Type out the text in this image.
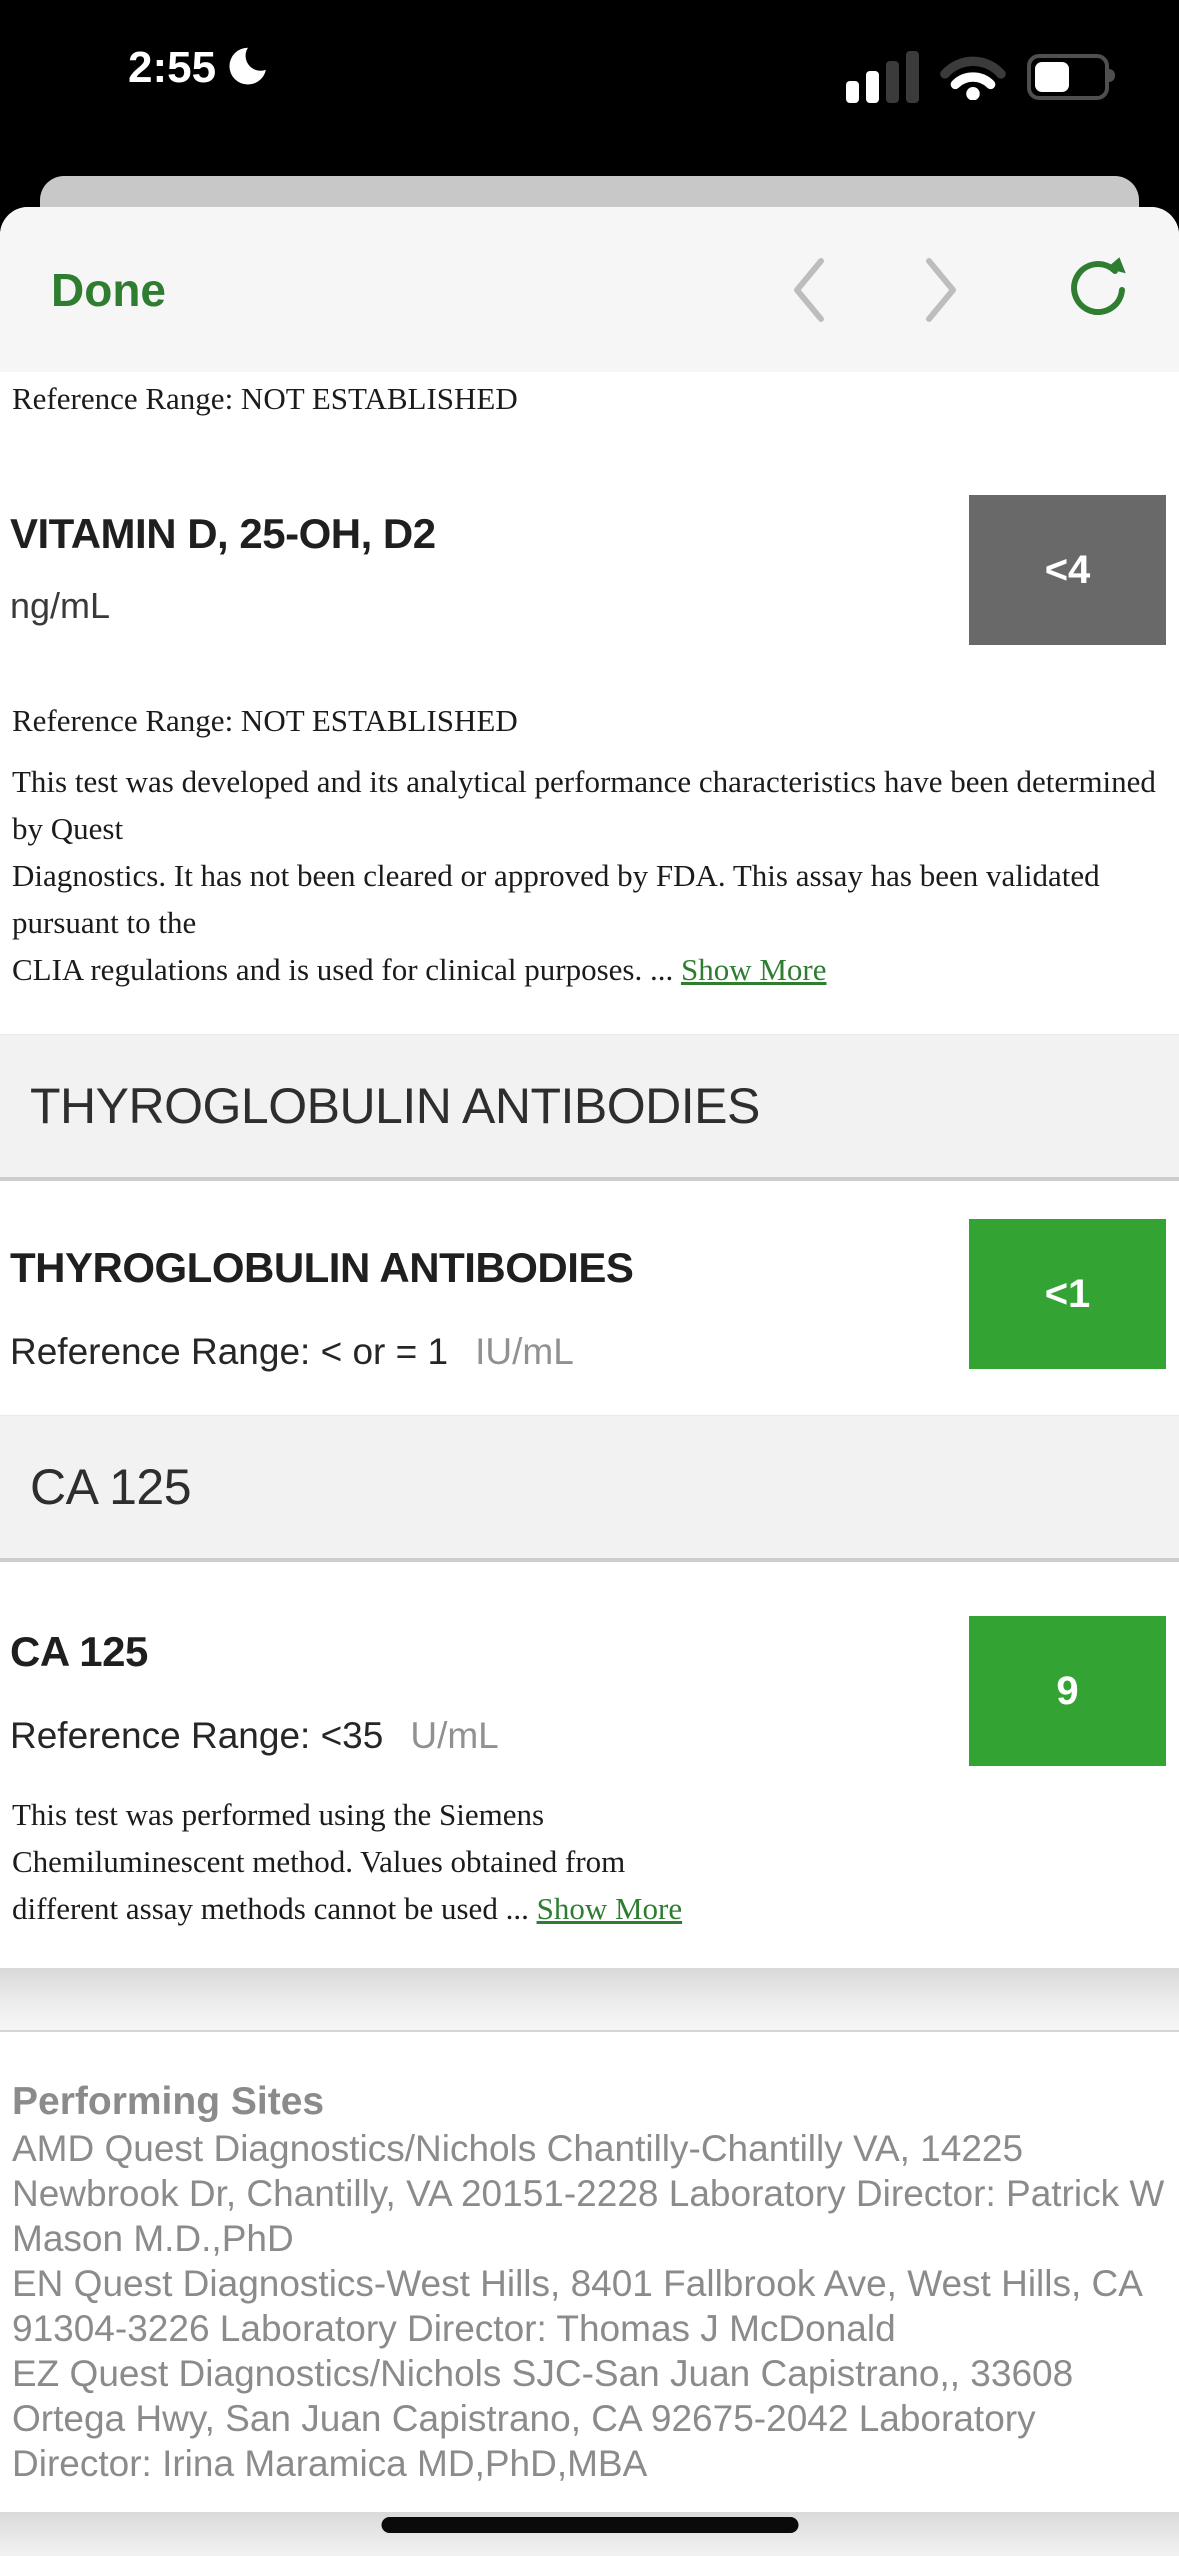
2:55
Done
Reference Range: NOT ESTABLISHED
VITAMIN D, 25-OH, D2
ng/mL
<4
Reference Range: NOT ESTABLISHED
This test was developed and its analytical performance characteristics have been determined by Quest
Diagnostics. It has not been cleared or approved by FDA. This assay has been validated pursuant to the
CLIA regulations and is used for clinical purposes. ... Show More
THYROGLOBULIN ANTIBODIES
THYROGLOBULIN ANTIBODIES
Reference Range: < or = 1 IU/mL
<1
CA 125
CA 125
Reference Range: <35 U/mL
9
This test was performed using the Siemens
Chemiluminescent method. Values obtained from
different assay methods cannot be used ... Show More
Performing Sites
AMD Quest Diagnostics/Nichols Chantilly-Chantilly VA, 14225 Newbrook Dr, Chantilly, VA 20151-2228 Laboratory Director: Patrick W Mason M.D.,PhD
EN Quest Diagnostics-West Hills, 8401 Fallbrook Ave, West Hills, CA 91304-3226 Laboratory Director: Thomas J McDonald
EZ Quest Diagnostics/Nichols SJC-San Juan Capistrano,, 33608 Ortega Hwy, San Juan Capistrano, CA 92675-2042 Laboratory Director: Irina Maramica MD,PhD,MBA
